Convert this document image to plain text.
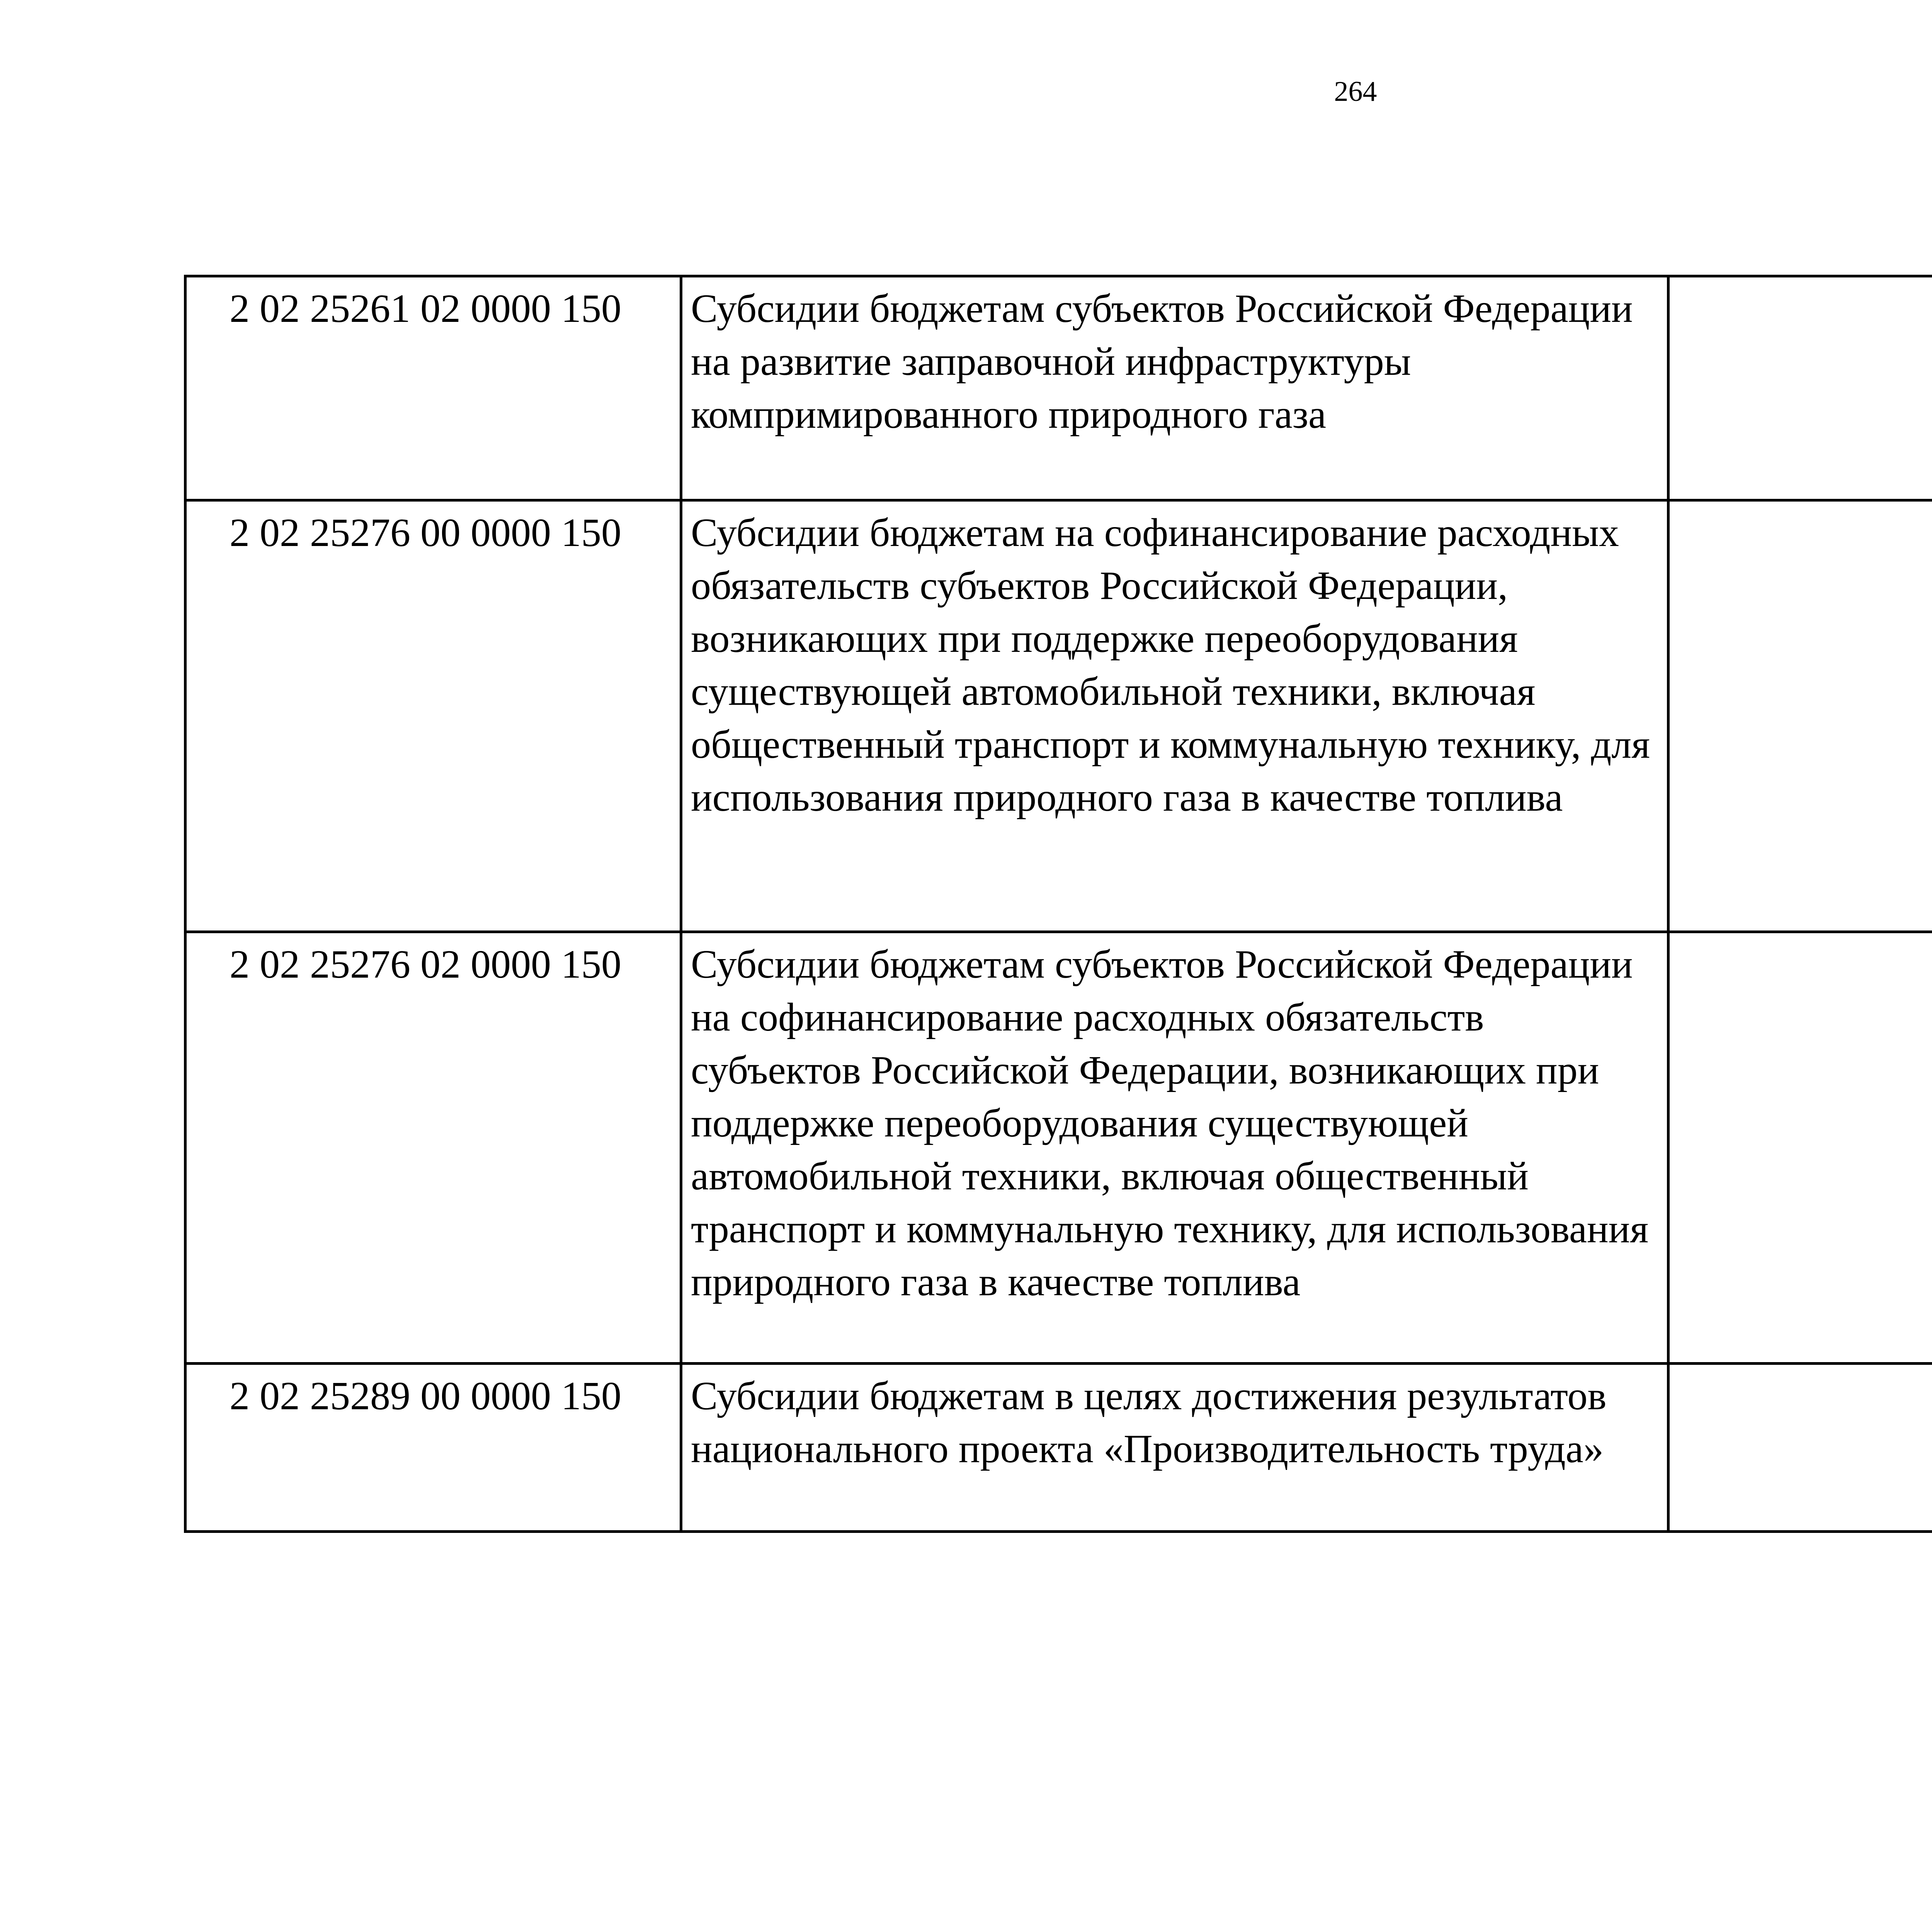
264
2 02 25261 02 0000 150	Субсидии бюджетам субъектов Российской Федерации на развитие заправочной инфраструктуры компримированного природного газа			
2 02 25276 00 0000 150	Субсидии бюджетам на софинансирование расходных обязательств субъектов Российской Федерации, возникающих при поддержке переоборудования существующей автомобильной техники, включая общественный транспорт и коммунальную технику, для использования природного газа в качестве топлива			
2 02 25276 02 0000 150	Субсидии бюджетам субъектов Российской Федерации на софинансирование расходных обязательств субъектов Российской Федерации, возникающих при поддержке переоборудования существующей автомобильной техники, включая общественный транспорт и коммунальную технику, для использования природного газа в качестве топлива			
2 02 25289 00 0000 150	Субсидии бюджетам в целях достижения результатов национального проекта «Производительность труда»			
